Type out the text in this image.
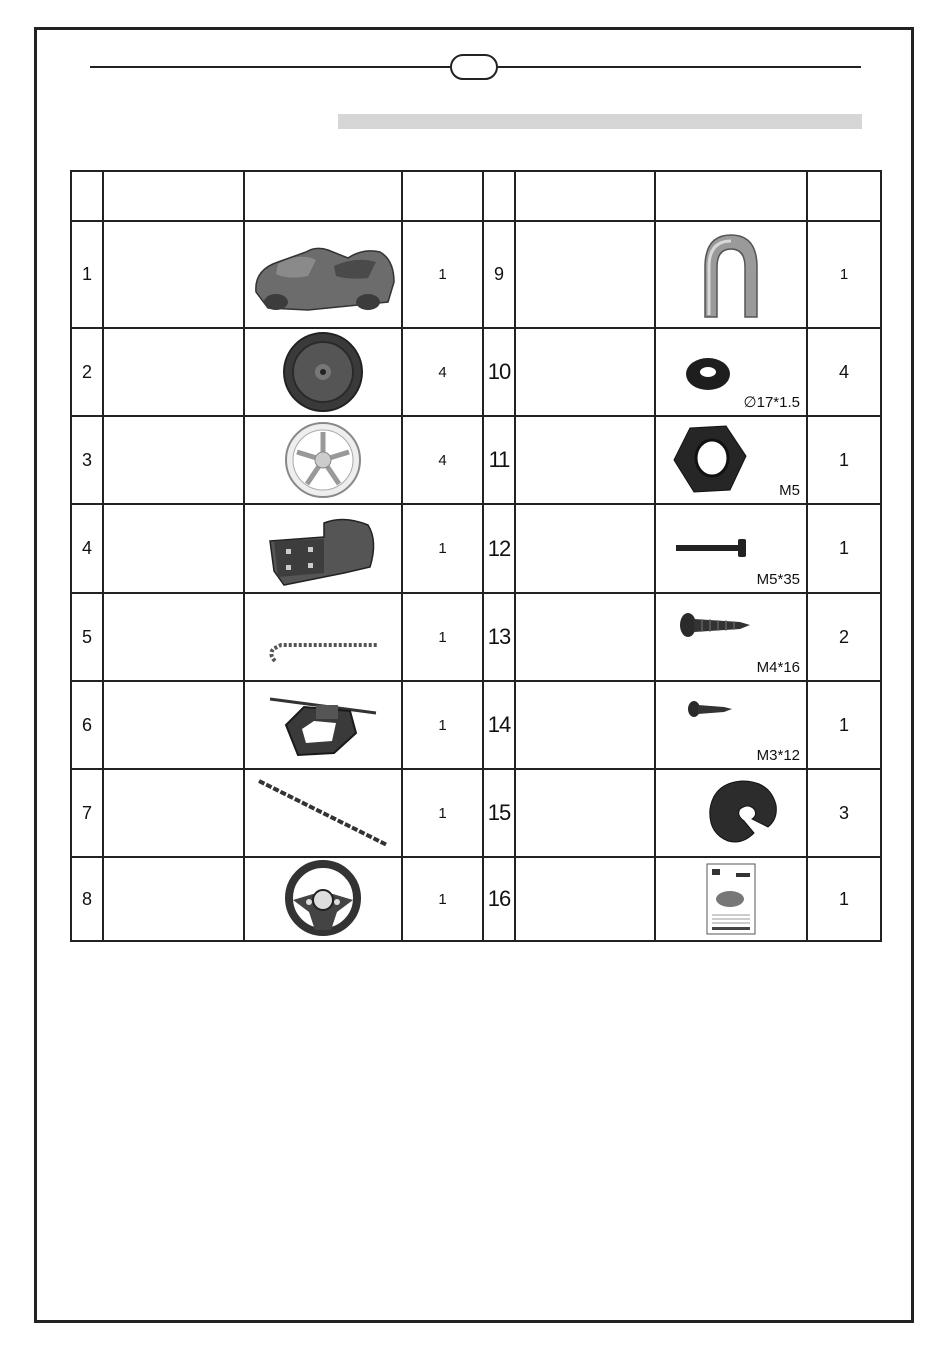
1			1	9			1
2			4	10		∅17*1.5	4
3			4	11		M5	1
4			1	12		M5*35	1
5			1	13		M4*16	2
6			1	14		M3*12	1
7			1	15			3
8			1	16			1
